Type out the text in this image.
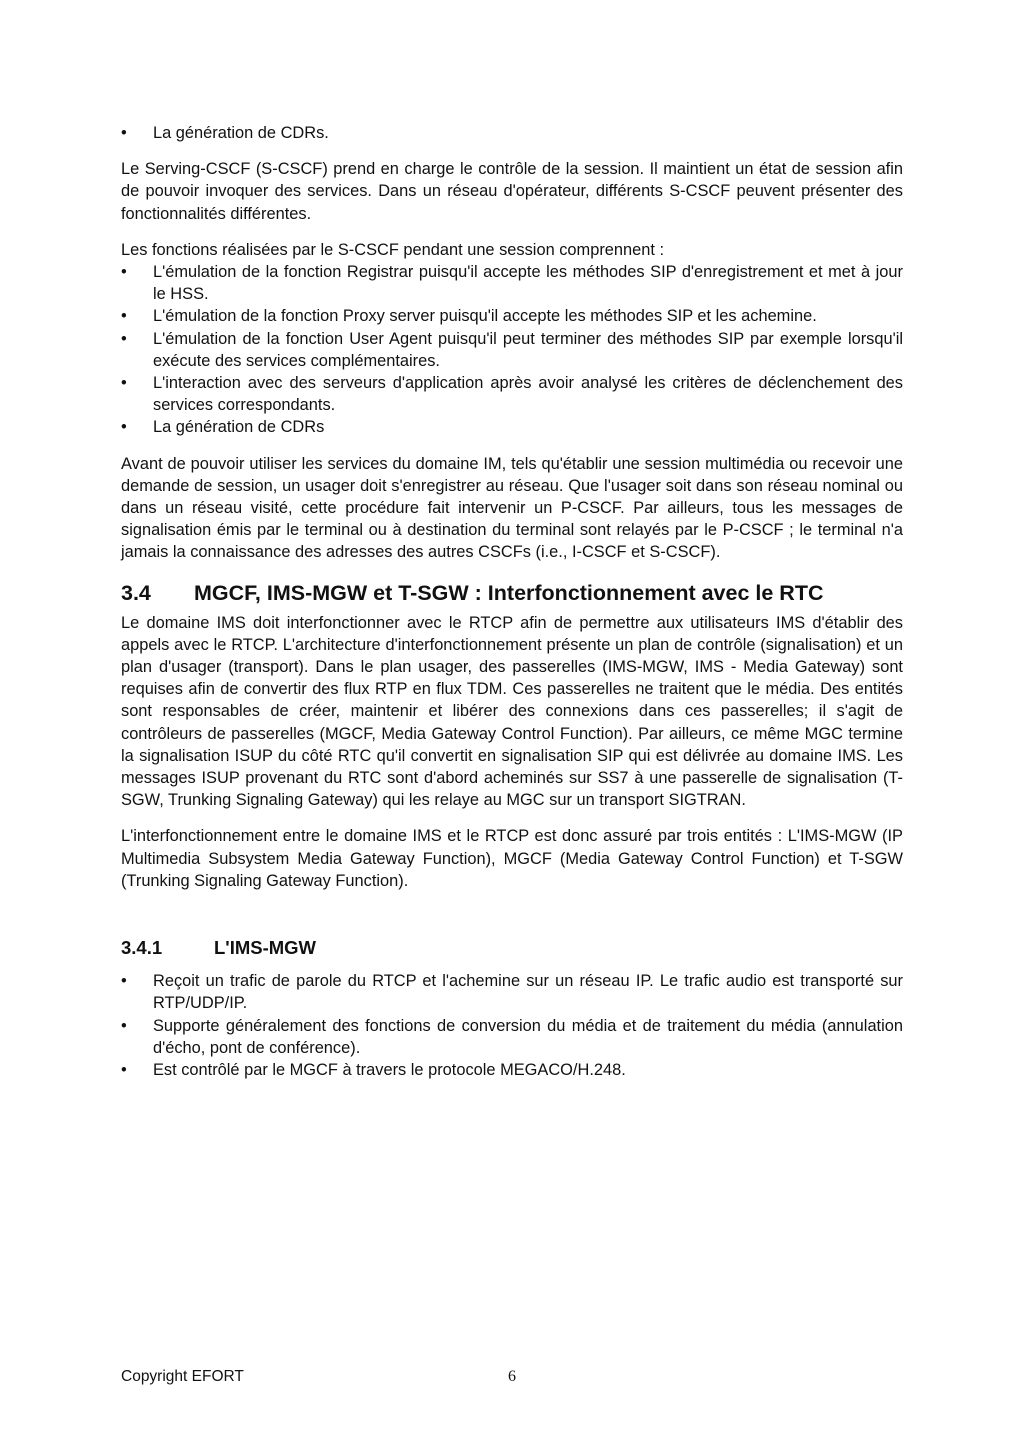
• La génération de CDRs.

Le Serving-CSCF (S-CSCF) prend en charge le contrôle de la session. Il maintient un état de session afin de pouvoir invoquer des services. Dans un réseau d'opérateur, différents S-CSCF peuvent présenter des fonctionnalités différentes.

Les fonctions réalisées par le S-CSCF pendant une session comprennent :

• L'émulation de la fonction Registrar puisqu'il accepte les méthodes SIP d'enregistrement et met à jour le HSS.
• L'émulation de la fonction Proxy server puisqu'il accepte les méthodes SIP et les achemine.
• L'émulation de la fonction User Agent puisqu'il peut terminer des méthodes SIP par exemple lorsqu'il exécute des services complémentaires.
• L'interaction avec des serveurs d'application après avoir analysé les critères de déclenchement des services correspondants.
• La génération de CDRs

Avant de pouvoir utiliser les services du domaine IM, tels qu'établir une session multimédia ou recevoir une demande de session, un usager doit s'enregistrer au réseau. Que l'usager soit dans son réseau nominal ou dans un réseau visité, cette procédure fait intervenir un P-CSCF. Par ailleurs, tous les messages de signalisation émis par le terminal ou à destination du terminal sont relayés par le P-CSCF ; le terminal n'a jamais la connaissance des adresses des autres CSCFs (i.e., I-CSCF et S-CSCF).

3.4	MGCF, IMS-MGW et T-SGW : Interfonctionnement avec le RTC

Le domaine IMS doit interfonctionner avec le RTCP afin de permettre aux utilisateurs IMS d'établir des appels avec le RTCP. L'architecture d'interfonctionnement présente un plan de contrôle (signalisation) et un plan d'usager (transport). Dans le plan usager, des passerelles (IMS-MGW, IMS - Media Gateway) sont requises afin de convertir des flux RTP en flux TDM. Ces passerelles ne traitent que le média. Des entités sont responsables de créer, maintenir et libérer des connexions dans ces passerelles; il s'agit de contrôleurs de passerelles (MGCF, Media Gateway Control Function). Par ailleurs, ce même MGC termine la signalisation ISUP du côté RTC qu'il convertit en signalisation SIP qui est délivrée au domaine IMS. Les messages ISUP provenant du RTC sont d'abord acheminés sur SS7 à une passerelle de signalisation (T-SGW, Trunking Signaling Gateway) qui les relaye au MGC sur un transport SIGTRAN.

L'interfonctionnement entre le domaine IMS et le RTCP est donc assuré par trois entités : L'IMS-MGW (IP Multimedia Subsystem Media Gateway Function), MGCF (Media Gateway Control Function) et T-SGW (Trunking Signaling Gateway Function).

3.4.1	L'IMS-MGW
• Reçoit un trafic de parole du RTCP et l'achemine sur un réseau IP. Le trafic audio est transporté sur RTP/UDP/IP.
• Supporte généralement des fonctions de conversion du média et de traitement du média (annulation d'écho, pont de conférence).
• Est contrôlé par le MGCF à travers le protocole MEGACO/H.248.
Copyright EFORT	6
